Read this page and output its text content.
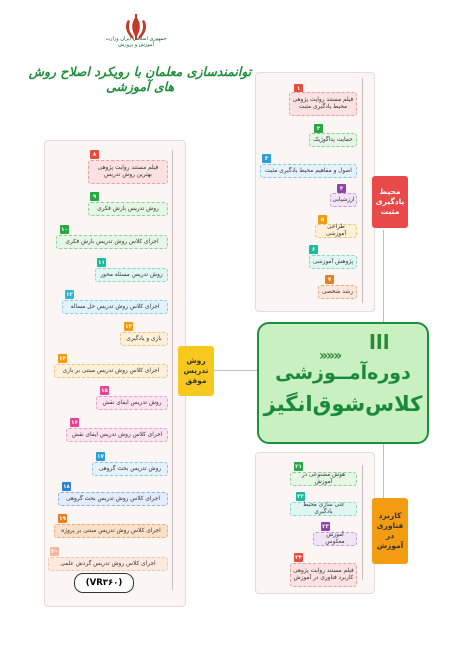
جمهوری اسلامی ایران وزارت آموزش و پرورش
توانمندسازی معلمان با رویکرد اصلاح روش های آموزشی
محیط یادگیری مثبت
روش تدریس موفق
کاربرد فناوری در آموزش
ﺍﺍﺍ
«««
دوره‌آمــوزشی
کلاس‌شوق‌انگیز
۱
فیلم مستند روایت پژوهی محیط یادگیری مثبت
۲
حمایت پداگوژیک
۳
اصول و مفاهیم محیط یادگیری مثبت
۴
ارزشیابی
۵
طراحی آموزشی
۶
پژوهش آموزشی
۷
رشد شخصی
۸
فیلم مستند روایت پژوهی بهترین روش تدریس
۹
روش تدریس بارش فکری
۱۰
اجرای کلاس روش تدریس بارش فکری
۱۱
روش تدریس مسئله محور
۱۲
اجرای کلاس روش تدریس حل مساله
۱۳
بازی و یادگیری
۱۴
اجرای کلاس روش تدریس مبتنی بر بازی
۱۵
روش تدریس ایفای نقش
۱۶
اجرای کلاس روش تدریس ایفای نقش
۱۷
روش تدریس بحث گروهی
۱۸
اجرای کلاس روش تدریس بحث گروهی
۱۹
اجرای کلاس روش تدریس مبتنی بر پروژه
۲۰
اجرای کلاس روش تدریس گردش علمی
(VR۳۶۰)
۲۱
هوش مصنوعی در آموزش
۲۲
غنی سازی محیط یادگیری
۲۳
آموزش معکوس
۲۴
فیلم مستند روایت پژوهی کاربرد فناوری در آموزش
